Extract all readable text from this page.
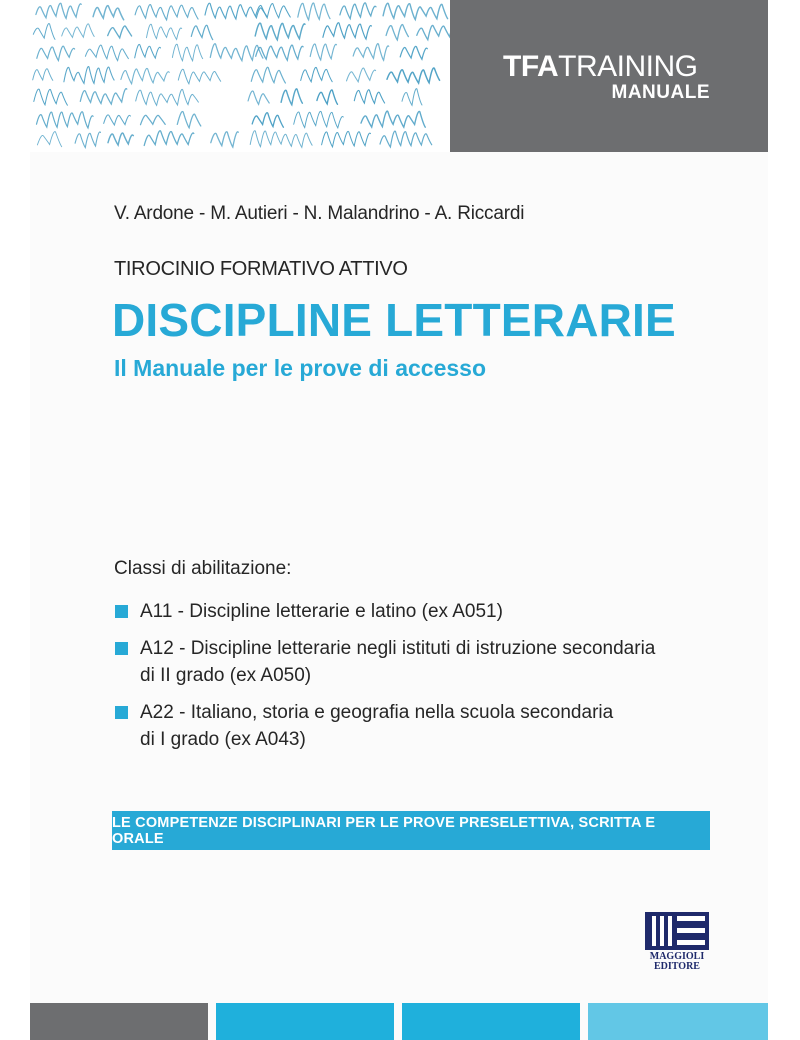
TFATRAINING
MANUALE
V. Ardone - M. Autieri - N. Malandrino - A. Riccardi
TIROCINIO FORMATIVO ATTIVO
DISCIPLINE LETTERARIE
Il Manuale per le prove di accesso
Classi di abilitazione:
A11 - Discipline letterarie e latino (ex A051)
A12 - Discipline letterarie negli istituti di istruzione secondaria
di II grado (ex A050)
A22 - Italiano, storia e geografia nella scuola secondaria
di I grado (ex A043)
LE COMPETENZE DISCIPLINARI PER LE PROVE PRESELETTIVA, SCRITTA E ORALE
MAGGIOLI
EDITORE
